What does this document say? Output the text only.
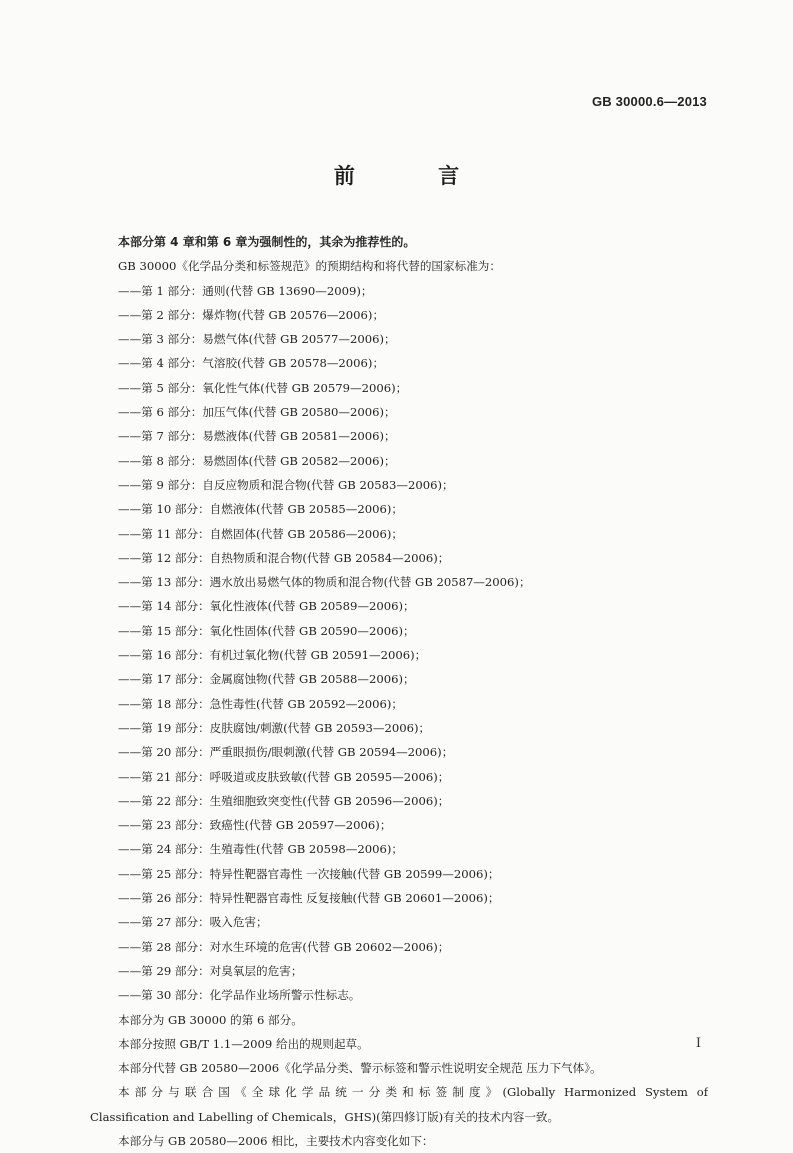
GB 30000.6—2013
前 言
本部分第 4 章和第 6 章为强制性的，其余为推荐性的。
GB 30000《化学品分类和标签规范》的预期结构和将代替的国家标准为：
——第 1 部分：通则(代替 GB 13690—2009)；
——第 2 部分：爆炸物(代替 GB 20576—2006)；
——第 3 部分：易燃气体(代替 GB 20577—2006)；
——第 4 部分：气溶胶(代替 GB 20578—2006)；
——第 5 部分：氧化性气体(代替 GB 20579—2006)；
——第 6 部分：加压气体(代替 GB 20580—2006)；
——第 7 部分：易燃液体(代替 GB 20581—2006)；
——第 8 部分：易燃固体(代替 GB 20582—2006)；
——第 9 部分：自反应物质和混合物(代替 GB 20583—2006)；
——第 10 部分：自燃液体(代替 GB 20585—2006)；
——第 11 部分：自燃固体(代替 GB 20586—2006)；
——第 12 部分：自热物质和混合物(代替 GB 20584—2006)；
——第 13 部分：遇水放出易燃气体的物质和混合物(代替 GB 20587—2006)；
——第 14 部分：氧化性液体(代替 GB 20589—2006)；
——第 15 部分：氧化性固体(代替 GB 20590—2006)；
——第 16 部分：有机过氧化物(代替 GB 20591—2006)；
——第 17 部分：金属腐蚀物(代替 GB 20588—2006)；
——第 18 部分：急性毒性(代替 GB 20592—2006)；
——第 19 部分：皮肤腐蚀/刺激(代替 GB 20593—2006)；
——第 20 部分：严重眼损伤/眼刺激(代替 GB 20594—2006)；
——第 21 部分：呼吸道或皮肤致敏(代替 GB 20595—2006)；
——第 22 部分：生殖细胞致突变性(代替 GB 20596—2006)；
——第 23 部分：致癌性(代替 GB 20597—2006)；
——第 24 部分：生殖毒性(代替 GB 20598—2006)；
——第 25 部分：特异性靶器官毒性 一次接触(代替 GB 20599—2006)；
——第 26 部分：特异性靶器官毒性 反复接触(代替 GB 20601—2006)；
——第 27 部分：吸入危害；
——第 28 部分：对水生环境的危害(代替 GB 20602—2006)；
——第 29 部分：对臭氧层的危害；
——第 30 部分：化学品作业场所警示性标志。
本部分为 GB 30000 的第 6 部分。
本部分按照 GB/T 1.1—2009 给出的规则起草。
本部分代替 GB 20580—2006《化学品分类、警示标签和警示性说明安全规范 压力下气体》。
本部分与联合国《全球化学品统一分类和标签制度》(Globally Harmonized System of
Classification and Labelling of Chemicals，GHS)(第四修订版)有关的技术内容一致。
本部分与 GB 20580—2006 相比，主要技术内容变化如下：
I
